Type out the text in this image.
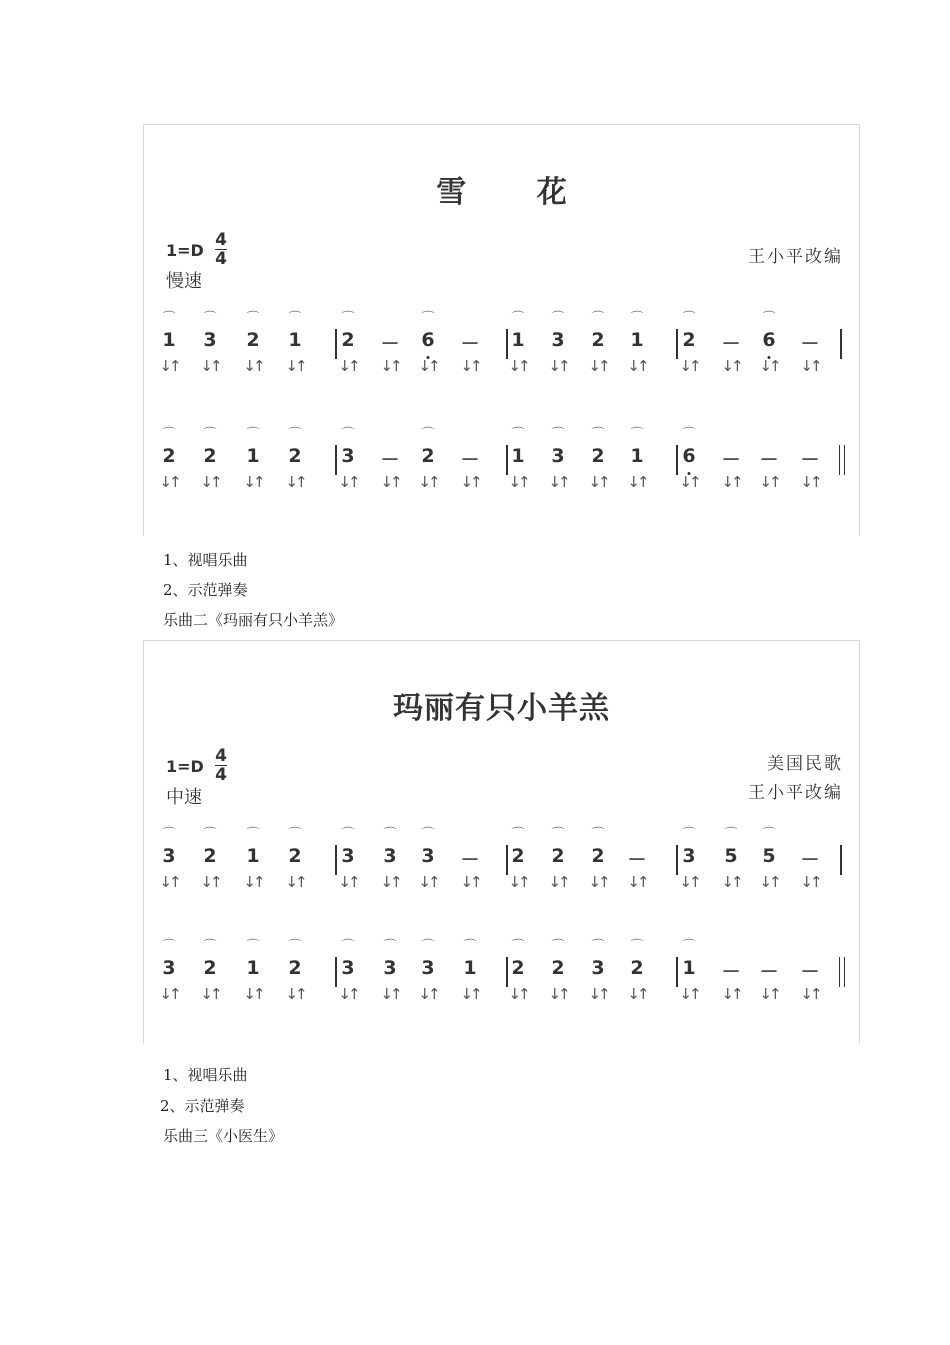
雪 花
1=D
4
4
慢速
王小平改编
1
⌒
↓↑
3
⌒
↓↑
2
⌒
↓↑
1
⌒
↓↑
2
⌒
↓↑
－
↓↑
6
⌒
↓↑
－
↓↑
1
⌒
↓↑
3
⌒
↓↑
2
⌒
↓↑
1
⌒
↓↑
2
⌒
↓↑
－
↓↑
6
⌒
↓↑
－
↓↑
2
⌒
↓↑
2
⌒
↓↑
1
⌒
↓↑
2
⌒
↓↑
3
⌒
↓↑
－
↓↑
2
⌒
↓↑
－
↓↑
1
⌒
↓↑
3
⌒
↓↑
2
⌒
↓↑
1
⌒
↓↑
6
⌒
↓↑
－
↓↑
－
↓↑
－
↓↑
1、视唱乐曲
2、示范弹奏
乐曲二《玛丽有只小羊羔》
玛丽有只小羊羔
1=D
4
4
中速
美国民歌
王小平改编
3
⌒
↓↑
2
⌒
↓↑
1
⌒
↓↑
2
⌒
↓↑
3
⌒
↓↑
3
⌒
↓↑
3
⌒
↓↑
－
↓↑
2
⌒
↓↑
2
⌒
↓↑
2
⌒
↓↑
－
↓↑
3
⌒
↓↑
5
⌒
↓↑
5
⌒
↓↑
－
↓↑
3
⌒
↓↑
2
⌒
↓↑
1
⌒
↓↑
2
⌒
↓↑
3
⌒
↓↑
3
⌒
↓↑
3
⌒
↓↑
1
⌒
↓↑
2
⌒
↓↑
2
⌒
↓↑
3
⌒
↓↑
2
⌒
↓↑
1
⌒
↓↑
－
↓↑
－
↓↑
－
↓↑
1、视唱乐曲
2、示范弹奏
乐曲三《小医生》
